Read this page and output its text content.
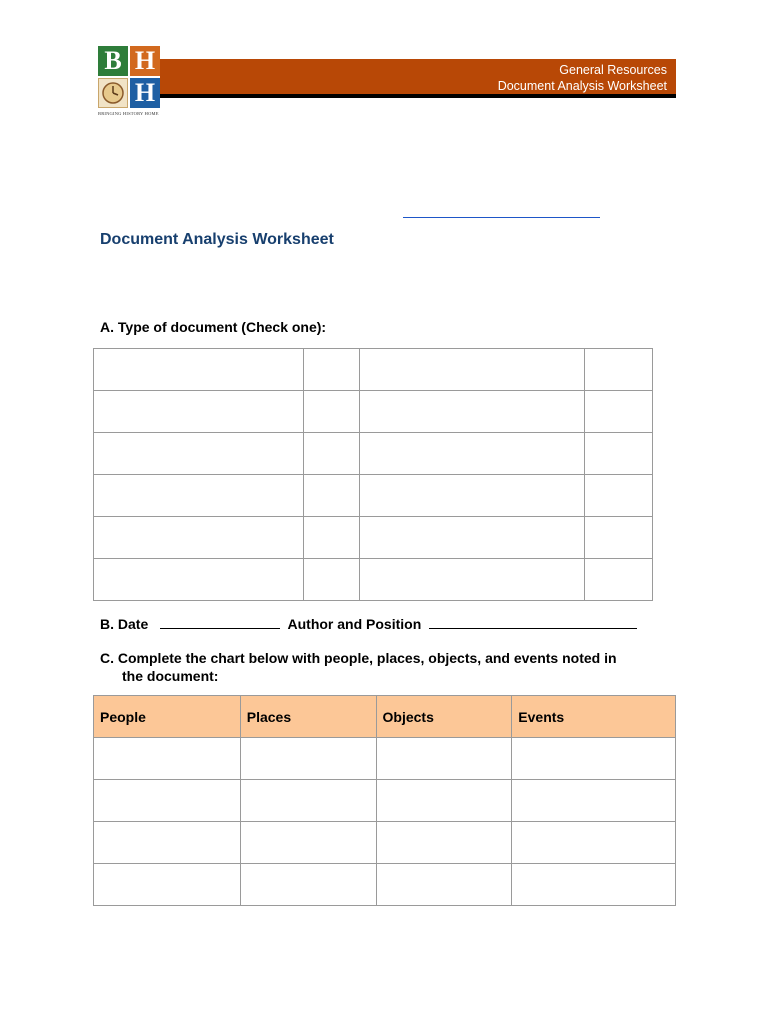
B H
H
BRINGING HISTORY HOME
General Resources
Document Analysis Worksheet
Document Analysis Worksheet
A. Type of document (Check one):

B. Date	Author and Position
C. Complete the chart below with people, places, objects, and events noted in
the document:
People	Places	Objects	Events
